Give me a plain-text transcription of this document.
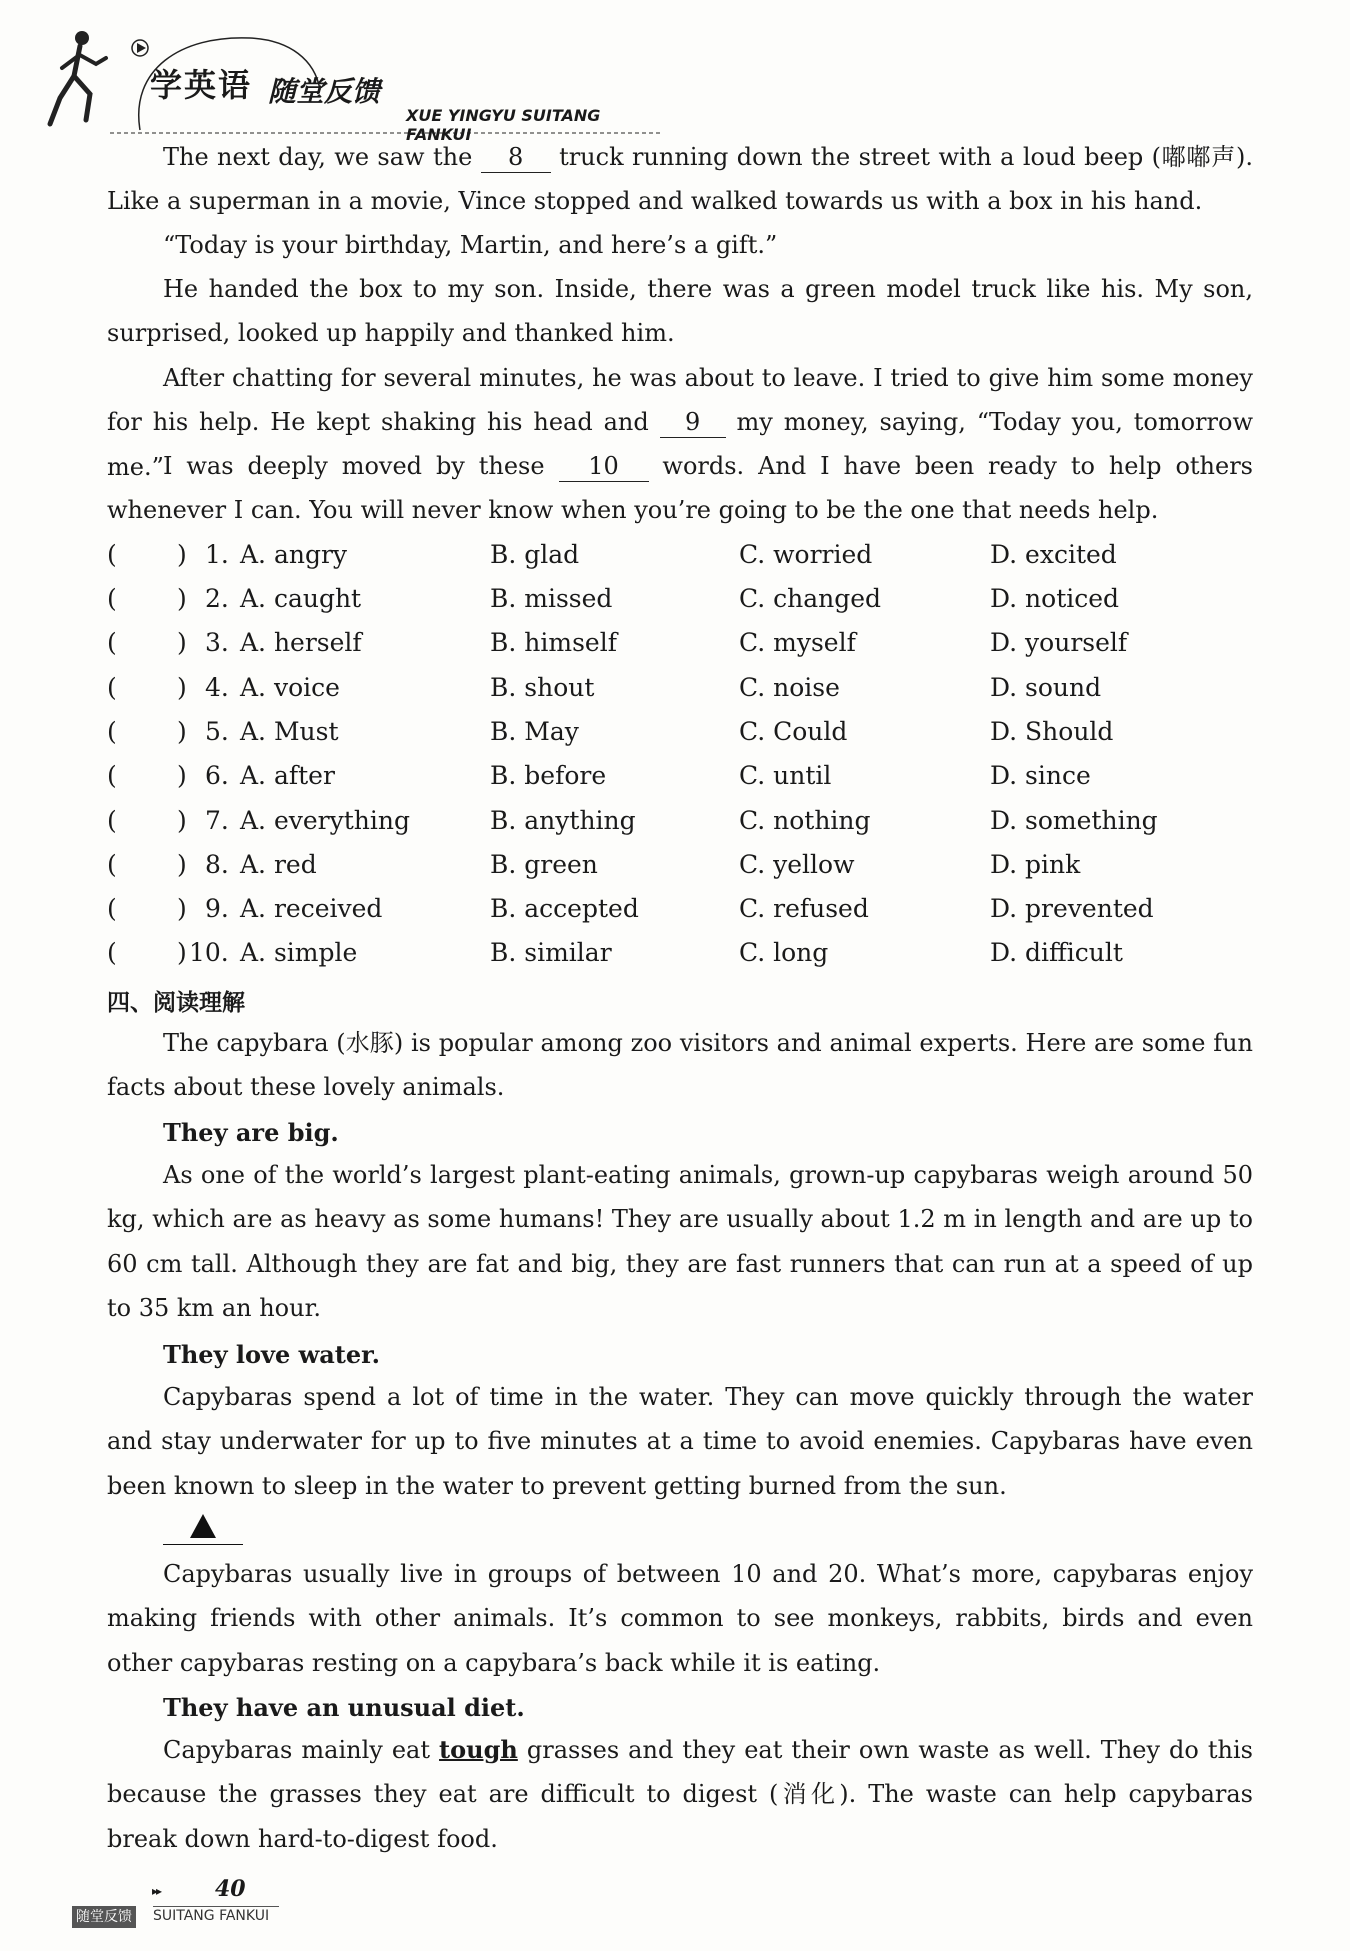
学英语 随堂反馈
XUE YINGYU SUITANG FANKUI

The next day, we saw the 8 truck running down the street with a loud beep (嘟嘟声). Like a superman in a movie, Vince stopped and walked towards us with a box in his hand.

“Today is your birthday, Martin, and here’s a gift.”

He handed the box to my son. Inside, there was a green model truck like his. My son, surprised, looked up happily and thanked him.

After chatting for several minutes, he was about to leave. I tried to give him some money for his help. He kept shaking his head and 9 my money, saying, “Today you, tomorrow me.” I was deeply moved by these 10 words. And I have been ready to help others whenever I can. You will never know when you’re going to be the one that needs help.

( ) 1. A. angry	B. glad	C. worried	D. excited
( ) 2. A. caught	B. missed	C. changed	D. noticed
( ) 3. A. herself	B. himself	C. myself	D. yourself
( ) 4. A. voice	B. shout	C. noise	D. sound
( ) 5. A. Must	B. May	C. Could	D. Should
( ) 6. A. after	B. before	C. until	D. since
( ) 7. A. everything	B. anything	C. nothing	D. something
( ) 8. A. red	B. green	C. yellow	D. pink
( ) 9. A. received	B. accepted	C. refused	D. prevented
( ) 10. A. simple	B. similar	C. long	D. difficult

四、阅读理解

The capybara (水豚) is popular among zoo visitors and animal experts. Here are some fun facts about these lovely animals.

They are big.

As one of the world’s largest plant-eating animals, grown-up capybaras weigh around 50 kg, which are as heavy as some humans! They are usually about 1.2 m in length and are up to 60 cm tall. Although they are fat and big, they are fast runners that can run at a speed of up to 35 km an hour.

They love water.

Capybaras spend a lot of time in the water. They can move quickly through the water and stay underwater for up to five minutes at a time to avoid enemies. Capybaras have even been known to sleep in the water to prevent getting burned from the sun.

Capybaras usually live in groups of between 10 and 20. What’s more, capybaras enjoy making friends with other animals. It’s common to see monkeys, rabbits, birds and even other capybaras resting on a capybara’s back while it is eating.

They have an unusual diet.

Capybaras mainly eat tough grasses and they eat their own waste as well. They do this because the grasses they eat are difficult to digest (消化). The waste can help capybaras break down hard-to-digest food.

▸▸ 40
随堂反馈 SUITANG FANKUI
